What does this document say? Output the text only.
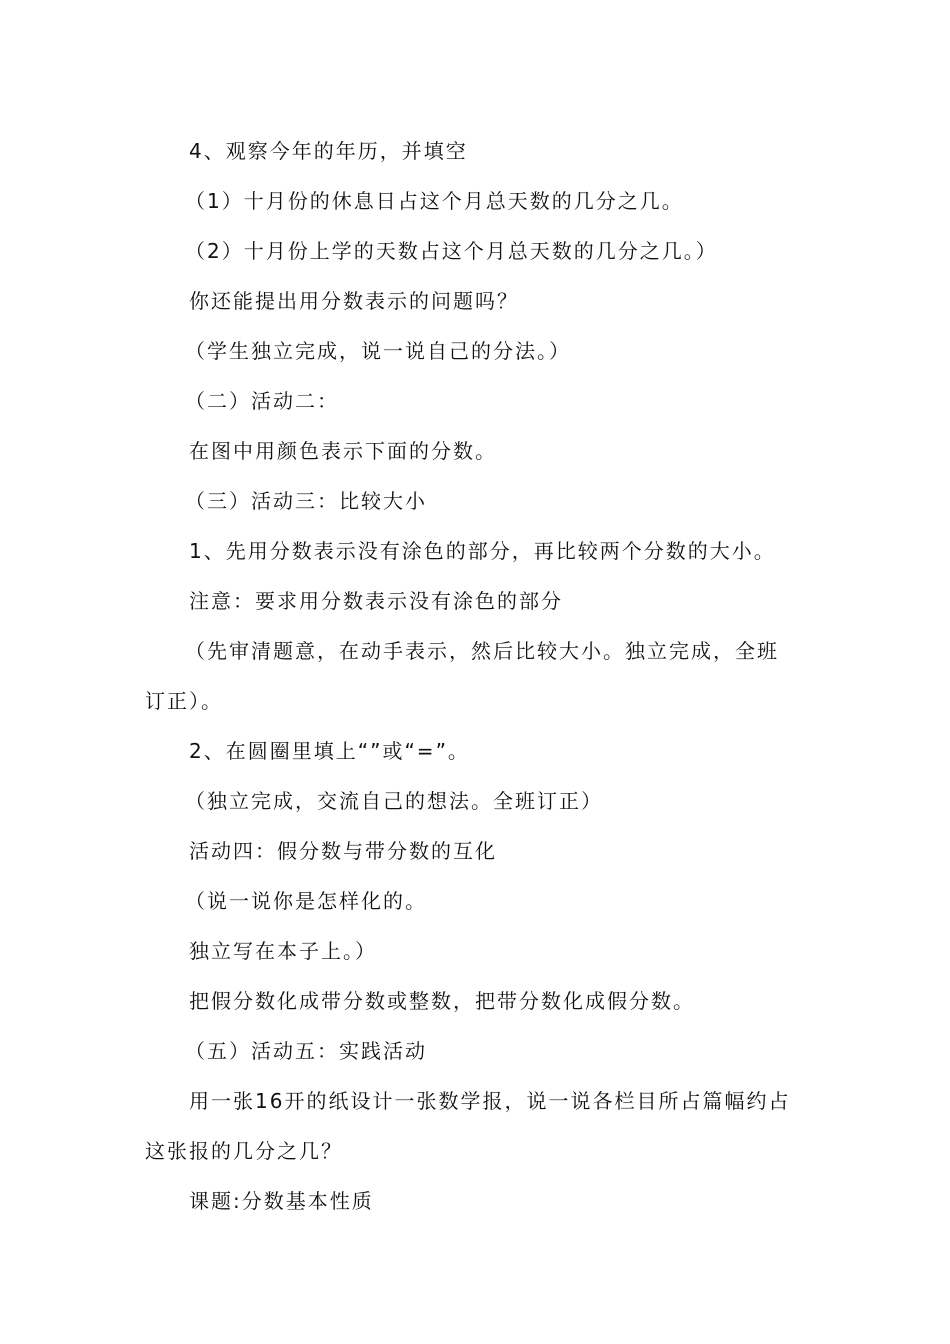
4、观察今年的年历，并填空

（1）十月份的休息日占这个月总天数的几分之几。

（2）十月份上学的天数占这个月总天数的几分之几。）

你还能提出用分数表示的问题吗？

（学生独立完成，说一说自己的分法。）

（二）活动二：

在图中用颜色表示下面的分数。

（三）活动三：比较大小

1、先用分数表示没有涂色的部分，再比较两个分数的大小。

注意：要求用分数表示没有涂色的部分

（先审清题意，在动手表示，然后比较大小。独立完成，全班

订正）。

2、在圆圈里填上“”或“=”。

（独立完成，交流自己的想法。全班订正）

活动四：假分数与带分数的互化

（说一说你是怎样化的。

独立写在本子上。）

把假分数化成带分数或整数，把带分数化成假分数。

（五）活动五：实践活动

用一张16开的纸设计一张数学报，说一说各栏目所占篇幅约占

这张报的几分之几？

课题:分数基本性质
